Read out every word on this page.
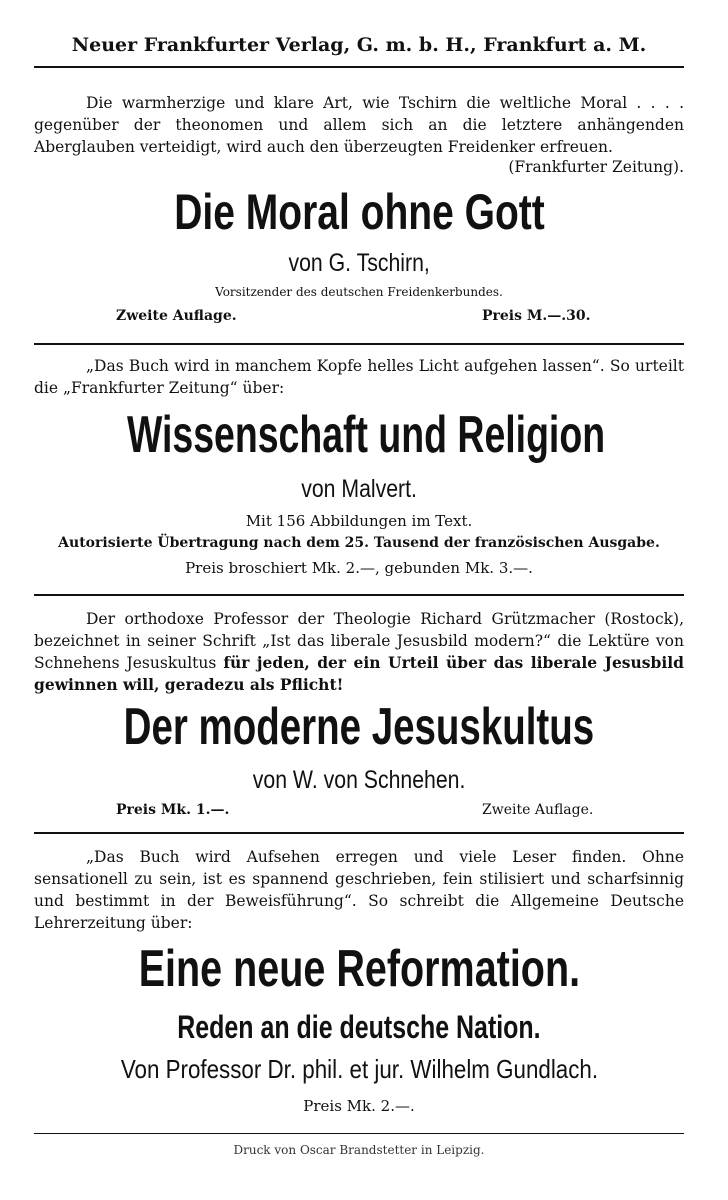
Neuer Frankfurter Verlag, G. m. b. H., Frankfurt a. M.
Die warmherzige und klare Art, wie Tschirn die weltliche Moral . . . . gegenüber der theonomen und allem sich an die letztere anhängenden Aberglauben verteidigt, wird auch den überzeugten Freidenker erfreuen.
(Frankfurter Zeitung).
Die Moral ohne Gott
von G. Tschirn,
Vorsitzender des deutschen Freidenkerbundes.
Zweite Auflage.	Preis M.—.30.
„Das Buch wird in manchem Kopfe helles Licht aufgehen lassen“. So urteilt die „Frankfurter Zeitung“ über:
Wissenschaft und Religion
von Malvert.
Mit 156 Abbildungen im Text.
Autorisierte Übertragung nach dem 25. Tausend der französischen Ausgabe.
Preis broschiert Mk. 2.—, gebunden Mk. 3.—.
Der orthodoxe Professor der Theologie Richard Grützmacher (Rostock), bezeichnet in seiner Schrift „Ist das liberale Jesusbild modern?“ die Lektüre von Schnehens Jesuskultus für jeden, der ein Urteil über das liberale Jesusbild gewinnen will, geradezu als Pflicht!
Der moderne Jesuskultus
von W. von Schnehen.
Preis Mk. 1.—.	Zweite Auflage.
„Das Buch wird Aufsehen erregen und viele Leser finden. Ohne sensationell zu sein, ist es spannend geschrieben, fein stilisiert und scharfsinnig und bestimmt in der Beweisführung“. So schreibt die Allgemeine Deutsche Lehrerzeitung über:
Eine neue Reformation.
Reden an die deutsche Nation.
Von Professor Dr. phil. et jur. Wilhelm Gundlach.
Preis Mk. 2.—.
Druck von Oscar Brandstetter in Leipzig.
